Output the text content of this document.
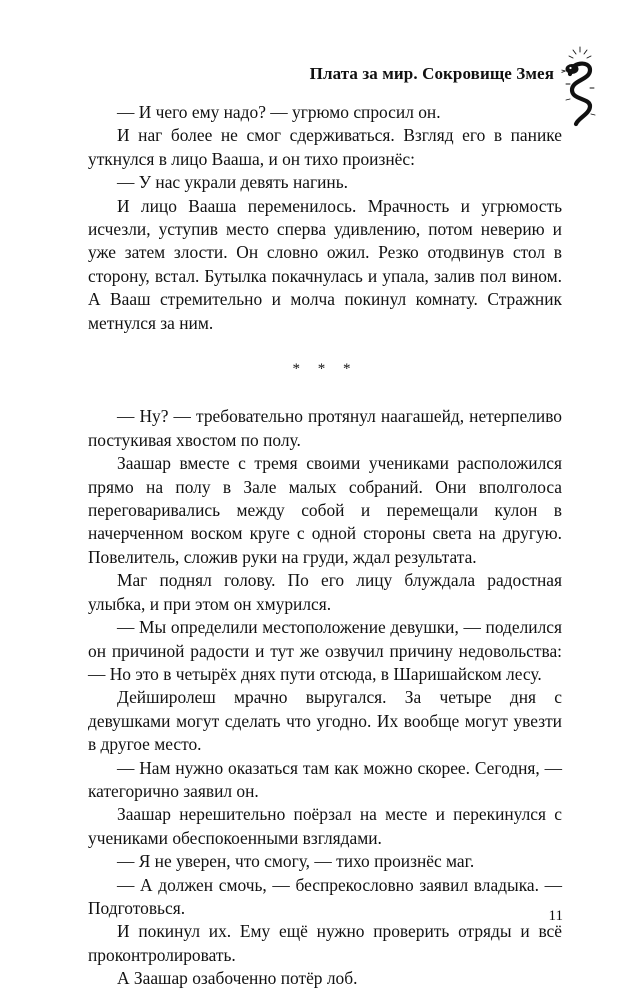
Плата за мир. Сокровище Змея

— И чего ему надо? — угрюмо спросил он.

И наг более не смог сдерживаться. Взгляд его в панике уткнулся в лицо Вааша, и он тихо произнёс:

— У нас украли девять нагинь.

И лицо Вааша переменилось. Мрачность и угрюмость исчезли, уступив место сперва удивлению, потом неверию и уже затем злости. Он словно ожил. Резко отодвинув стол в сторону, встал. Бутылка покачнулась и упала, залив пол вином. А Вааш стремительно и молча покинул комнату. Стражник метнулся за ним.

* * *

— Ну? — требовательно протянул наагашейд, нетерпеливо постукивая хвостом по полу.

Заашар вместе с тремя своими учениками расположился прямо на полу в Зале малых собраний. Они вполголоса переговаривались между собой и перемещали кулон в начерченном воском круге с одной стороны света на другую. Повелитель, сложив руки на груди, ждал результата.

Маг поднял голову. По его лицу блуждала радостная улыбка, и при этом он хмурился.

— Мы определили местоположение девушки, — поделился он причиной радости и тут же озвучил причину недовольства: — Но это в четырёх днях пути отсюда, в Шаришайском лесу.

Дейширолеш мрачно выругался. За четыре дня с девушками могут сделать что угодно. Их вообще могут увезти в другое место.

— Нам нужно оказаться там как можно скорее. Сегодня, — категорично заявил он.

Заашар нерешительно поёрзал на месте и перекинулся с учениками обеспокоенными взглядами.

— Я не уверен, что смогу, — тихо произнёс маг.

— А должен смочь, — беспрекословно заявил владыка. — Подготовься.

И покинул их. Ему ещё нужно проверить отряды и всё проконтролировать.

А Заашар озабоченно потёр лоб.

11
